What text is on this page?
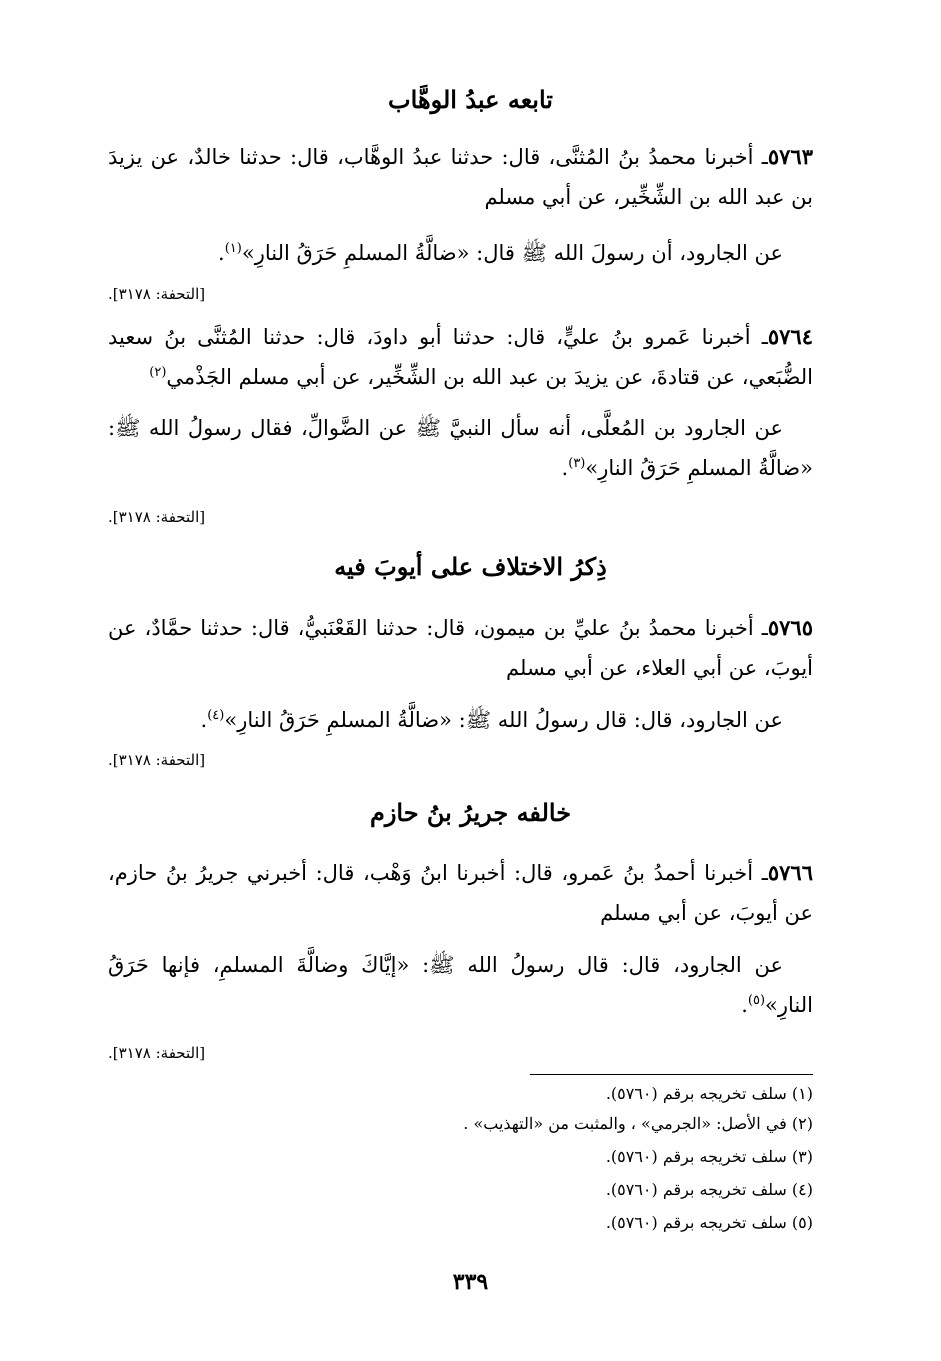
تابعه عبدُ الوهَّاب
٥٧٦٣ـ أخبرنا محمدُ بنُ المُثنَّى، قال: حدثنا عبدُ الوهَّاب، قال: حدثنا خالدٌ، عن يزيدَ بن عبد الله بن الشِّخِّير، عن أبي مسلم
عن الجارود، أن رسولَ الله ﷺ قال: «ضالَّةُ المسلمِ حَرَقُ النارِ»$^{(١)}$.
[التحفة: ٣١٧٨].
٥٧٦٤ـ أخبرنا عَمرو بنُ عليٍّ، قال: حدثنا أبو داودَ، قال: حدثنا المُثنَّى بنُ سعيد الضُّبَعي، عن قتادةَ، عن يزيدَ بن عبد الله بن الشِّخِّير، عن أبي مسلم الجَذْمي$^{(٢)}$
عن الجارود بن المُعلَّى، أنه سأل النبيَّ ﷺ عن الضَّوالِّ، فقال رسولُ الله ﷺ: «ضالَّةُ المسلمِ حَرَقُ النارِ»$^{(٣)}$.
[التحفة: ٣١٧٨].
ذِكرُ الاختلاف على أيوبَ فيه
٥٧٦٥ـ أخبرنا محمدُ بنُ عليِّ بن ميمون، قال: حدثنا القَعْنَبيُّ، قال: حدثنا حمَّادٌ، عن أيوبَ، عن أبي العلاء، عن أبي مسلم
عن الجارود، قال: قال رسولُ الله ﷺ: «ضالَّةُ المسلمِ حَرَقُ النارِ»$^{(٤)}$.
[التحفة: ٣١٧٨].
خالفه جريرُ بنُ حازم
٥٧٦٦ـ أخبرنا أحمدُ بنُ عَمرو، قال: أخبرنا ابنُ وَهْب، قال: أخبرني جريرُ بنُ حازم، عن أيوبَ، عن أبي مسلم
عن الجارود، قال: قال رسولُ الله ﷺ: «إيَّاكَ وضالَّةَ المسلمِ، فإنها حَرَقُ النارِ»$^{(٥)}$.
[التحفة: ٣١٧٨].
(١) سلف تخريجه برقم (٥٧٦٠).
(٢) في الأصل: «الجرمي» ، والمثبت من «التهذيب» .
(٣) سلف تخريجه برقم (٥٧٦٠).
(٤) سلف تخريجه برقم (٥٧٦٠).
(٥) سلف تخريجه برقم (٥٧٦٠).
٣٣٩
